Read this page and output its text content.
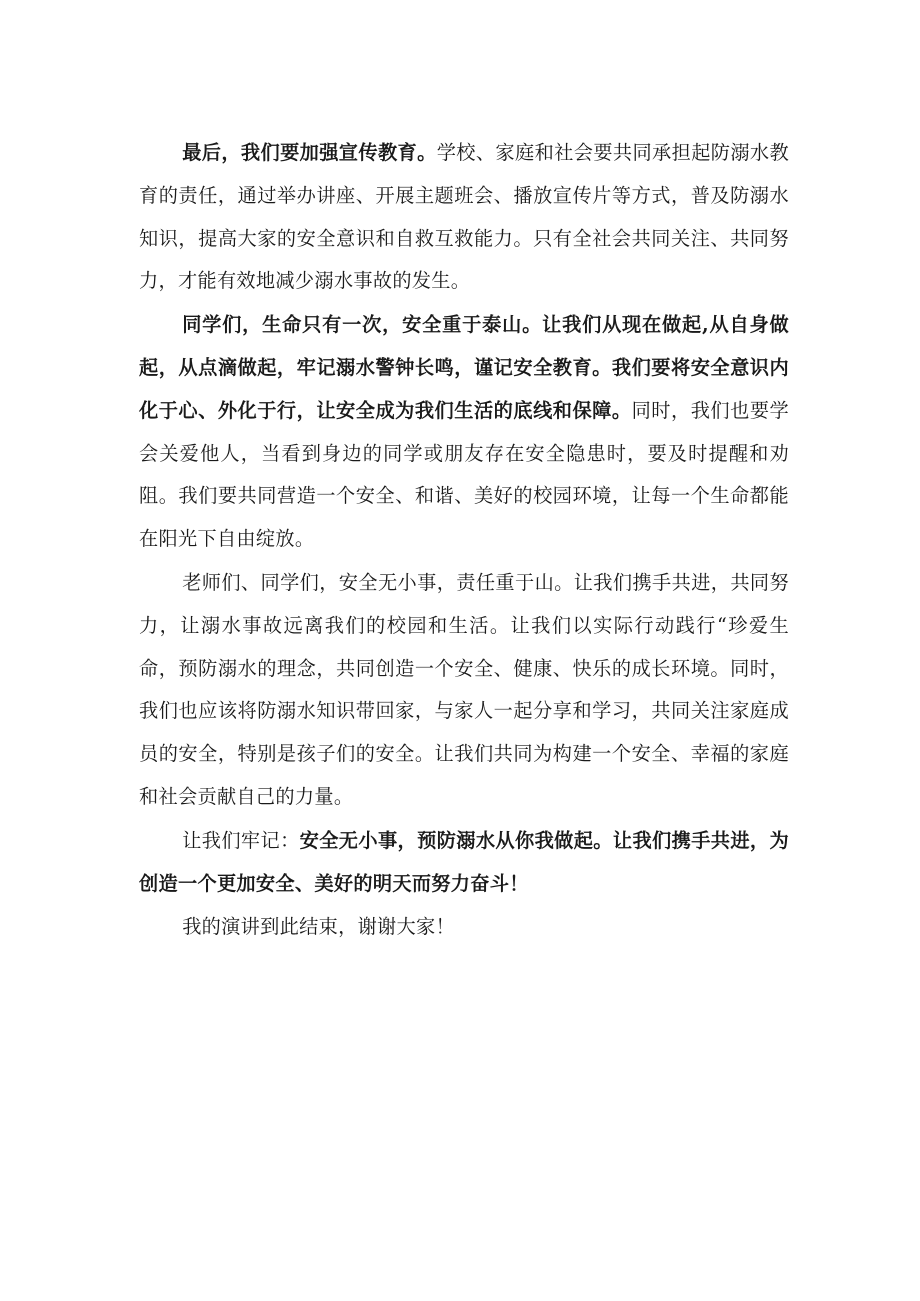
最后，我们要加强宣传教育。学校、家庭和社会要共同承担起防溺水教育的责任，通过举办讲座、开展主题班会、播放宣传片等方式，普及防溺水知识，提高大家的安全意识和自救互救能力。只有全社会共同关注、共同努力，才能有效地减少溺水事故的发生。

同学们，生命只有一次，安全重于泰山。让我们从现在做起,从自身做起，从点滴做起，牢记溺水警钟长鸣，谨记安全教育。我们要将安全意识内化于心、外化于行，让安全成为我们生活的底线和保障。同时，我们也要学会关爱他人，当看到身边的同学或朋友存在安全隐患时，要及时提醒和劝阻。我们要共同营造一个安全、和谐、美好的校园环境，让每一个生命都能在阳光下自由绽放。

老师们、同学们，安全无小事，责任重于山。让我们携手共进，共同努力，让溺水事故远离我们的校园和生活。让我们以实际行动践行“珍爱生命，预防溺水的理念，共同创造一个安全、健康、快乐的成长环境。同时，我们也应该将防溺水知识带回家，与家人一起分享和学习，共同关注家庭成员的安全，特别是孩子们的安全。让我们共同为构建一个安全、幸福的家庭和社会贡献自己的力量。

让我们牢记：安全无小事，预防溺水从你我做起。让我们携手共进，为创造一个更加安全、美好的明天而努力奋斗！

我的演讲到此结束，谢谢大家！
